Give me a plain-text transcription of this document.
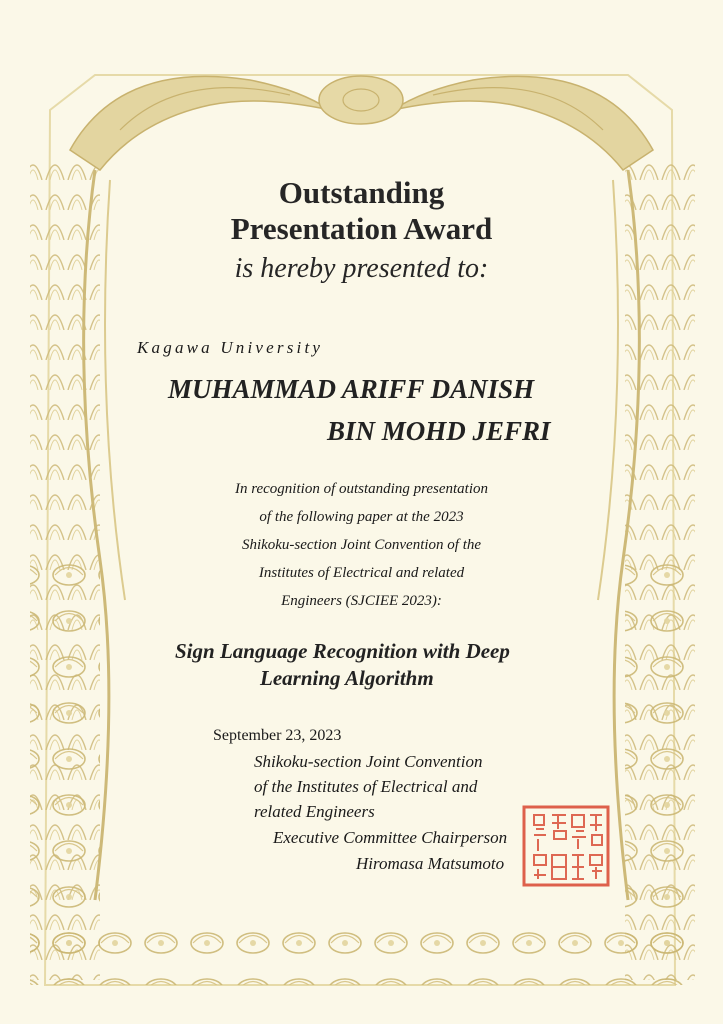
Outstanding
Presentation Award
is hereby presented to:
Kagawa University
MUHAMMAD ARIFF DANISH
BIN MOHD JEFRI
In recognition of outstanding presentation
of the following paper at the 2023
Shikoku-section Joint Convention of the
Institutes of Electrical and related
Engineers (SJCIEE 2023):
Sign Language Recognition with Deep
Learning Algorithm
September 23, 2023
Shikoku-section Joint Convention
of the Institutes of Electrical and
related Engineers
Executive Committee Chairperson
Hiromasa Matsumoto
